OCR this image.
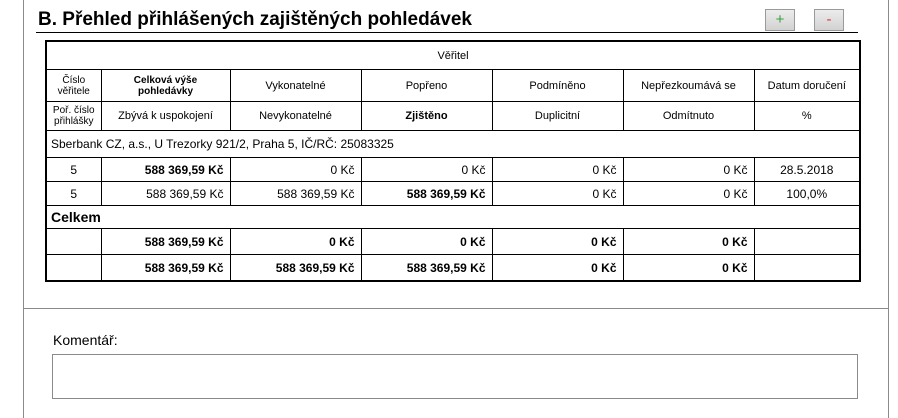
B. Přehled přihlášených zajištěných pohledávek	+	-
Věřitel						
Číslo věřitele	Celková výše pohledávky	Vykonatelné	Popřeno	Podmíněno	Nepřezkoumává se	Datum doručení
Poř. číslo přihlášky	Zbývá k uspokojení	Nevykonatelné	Zjištěno	Duplicitní	Odmítnuto	%
Sberbank CZ, a.s., U Trezorky 921/2, Praha 5, IČ/RČ: 25083325						
5	588 369,59 Kč	0 Kč	0 Kč	0 Kč	0 Kč	28.5.2018
5	588 369,59 Kč	588 369,59 Kč	588 369,59 Kč	0 Kč	0 Kč	100,0%
Celkem						
	588 369,59 Kč	0 Kč	0 Kč	0 Kč	0 Kč	
	588 369,59 Kč	588 369,59 Kč	588 369,59 Kč	0 Kč	0 Kč	
Komentář:
